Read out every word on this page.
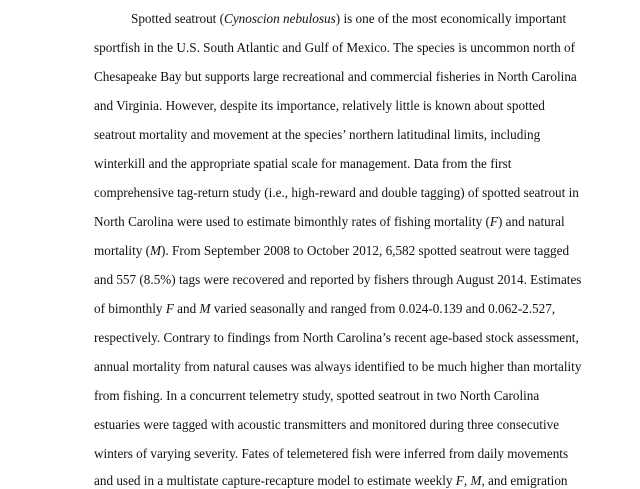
Spotted seatrout (Cynoscion nebulosus) is one of the most economically important
sportfish in the U.S. South Atlantic and Gulf of Mexico. The species is uncommon north of
Chesapeake Bay but supports large recreational and commercial fisheries in North Carolina
and Virginia. However, despite its importance, relatively little is known about spotted
seatrout mortality and movement at the species’ northern latitudinal limits, including
winterkill and the appropriate spatial scale for management. Data from the first
comprehensive tag-return study (i.e., high-reward and double tagging) of spotted seatrout in
North Carolina were used to estimate bimonthly rates of fishing mortality (F) and natural
mortality (M). From September 2008 to October 2012, 6,582 spotted seatrout were tagged
and 557 (8.5%) tags were recovered and reported by fishers through August 2014. Estimates
of bimonthly F and M varied seasonally and ranged from 0.024-0.139 and 0.062-2.527,
respectively. Contrary to findings from North Carolina’s recent age-based stock assessment,
annual mortality from natural causes was always identified to be much higher than mortality
from fishing. In a concurrent telemetry study, spotted seatrout in two North Carolina
estuaries were tagged with acoustic transmitters and monitored during three consecutive
winters of varying severity. Fates of telemetered fish were inferred from daily movements
and used in a multistate capture-recapture model to estimate weekly F, M, and emigration
